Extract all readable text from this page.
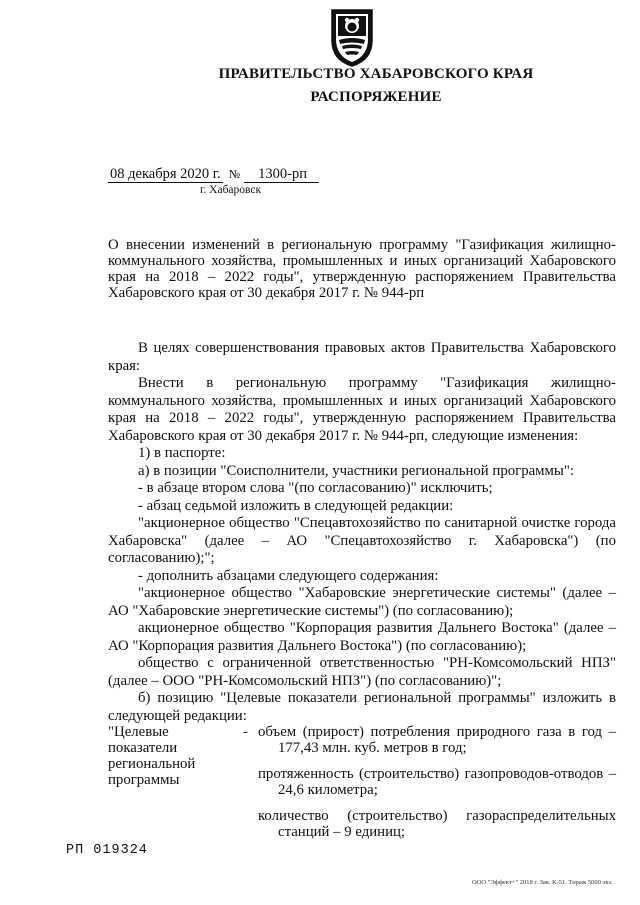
ПРАВИТЕЛЬСТВО ХАБАРОВСКОГО КРАЯ
РАСПОРЯЖЕНИЕ
08 декабря 2020 г. № 1300-рп
г. Хабаровск
О внесении изменений в региональную программу "Газификация жилищно-коммунального хозяйства, промышленных и иных организаций Хабаровского края на 2018 – 2022 годы", утвержденную распоряжением Правительства Хабаровского края от 30 декабря 2017 г. № 944-рп

В целях совершенствования правовых актов Правительства Хабаровского края:

Внести в региональную программу "Газификация жилищно-коммунального хозяйства, промышленных и иных организаций Хабаровского края на 2018 – 2022 годы", утвержденную распоряжением Правительства Хабаровского края от 30 декабря 2017 г. № 944-рп, следующие изменения:

1) в паспорте:

а) в позиции "Соисполнители, участники региональной программы":

- в абзаце втором слова "(по согласованию)" исключить;

- абзац седьмой изложить в следующей редакции:

"акционерное общество "Спецавтохозяйство по санитарной очистке города Хабаровска" (далее – АО "Спецавтохозяйство г. Хабаровска") (по согласованию);";

- дополнить абзацами следующего содержания:

"акционерное общество "Хабаровские энергетические системы" (далее – АО "Хабаровские энергетические системы") (по согласованию);

акционерное общество "Корпорация развития Дальнего Востока" (далее – АО "Корпорация развития Дальнего Востока") (по согласованию);

общество с ограниченной ответственностью "РН-Комсомольский НПЗ" (далее – ООО "РН-Комсомольский НПЗ") (по согласованию)";

б) позицию "Целевые показатели региональной программы" изложить в следующей редакции:

"Целевые показатели региональной программы
- объем (прирост) потребления природного газа в год – 177,43 млн. куб. метров в год;

протяженность (строительство) газопроводов-отводов – 24,6 километра;

количество (строительство) газораспределительных станций – 9 единиц;

РП 019324
ООО "Эффект+" 2018 г. Зак. К-51. Тираж 5000 экз.
